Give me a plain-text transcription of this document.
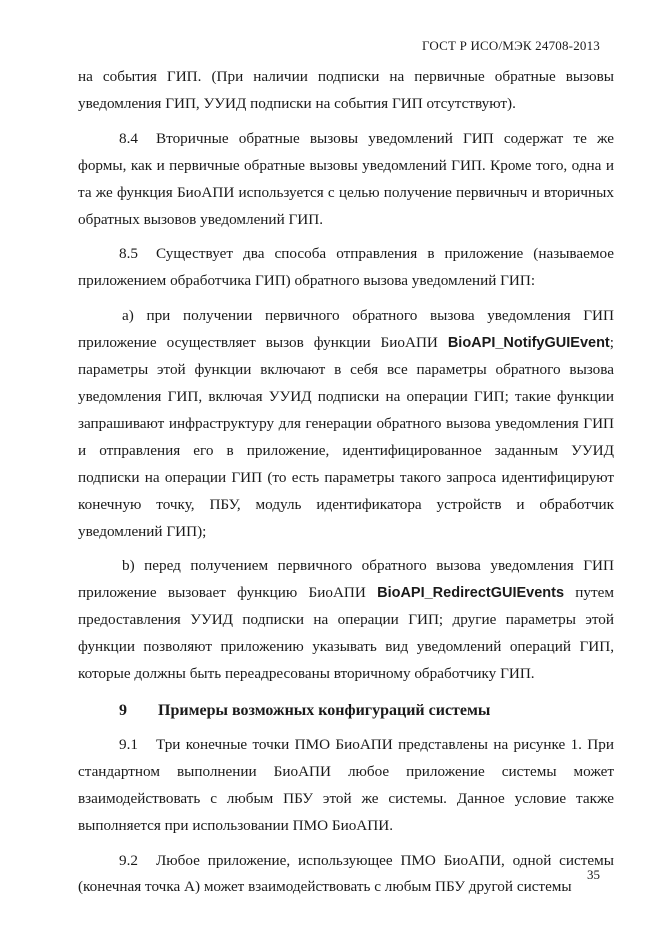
ГОСТ Р ИСО/МЭК 24708-2013

на события ГИП. (При наличии подписки на первичные обратные вызовы уведомления ГИП, УУИД подписки на события ГИП отсутствуют).

8.4 Вторичные обратные вызовы уведомлений ГИП содержат те же формы, как и первичные обратные вызовы уведомлений ГИП. Кроме того, одна и та же функция БиоАПИ используется с целью получение первичныч и вторичных обратных вызовов уведомлений ГИП.

8.5 Существует два способа отправления в приложение (называемое приложением обработчика ГИП) обратного вызова уведомлений ГИП:

а) при получении первичного обратного вызова уведомления ГИП приложение осуществляет вызов функции БиоАПИ BioAPI_NotifyGUIEvent; параметры этой функции включают в себя все параметры обратного вызова уведомления ГИП, включая УУИД подписки на операции ГИП; такие функции запрашивают инфраструктуру для генерации обратного вызова уведомления ГИП и отправления его в приложение, идентифицированное заданным УУИД подписки на операции ГИП (то есть параметры такого запроса идентифицируют конечную точку, ПБУ, модуль идентификатора устройств и обработчик уведомлений ГИП);

b) перед получением первичного обратного вызова уведомления ГИП приложение вызовает функцию БиоАПИ BioAPI_RedirectGUIEvents путем предоставления УУИД подписки на операции ГИП; другие параметры этой функции позволяют приложению указывать вид уведомлений операций ГИП, которые должны быть переадресованы вторичному обработчику ГИП.

9 Примеры возможных конфигураций системы

9.1 Три конечные точки ПМО БиоАПИ представлены на рисунке 1. При стандартном выполнении БиоАПИ любое приложение системы может взаимодействовать с любым ПБУ этой же системы. Данное условие также выполняется при использовании ПМО БиоАПИ.

9.2 Любое приложение, использующее ПМО БиоАПИ, одной системы (конечная точка А) может взаимодействовать с любым ПБУ другой системы

35
